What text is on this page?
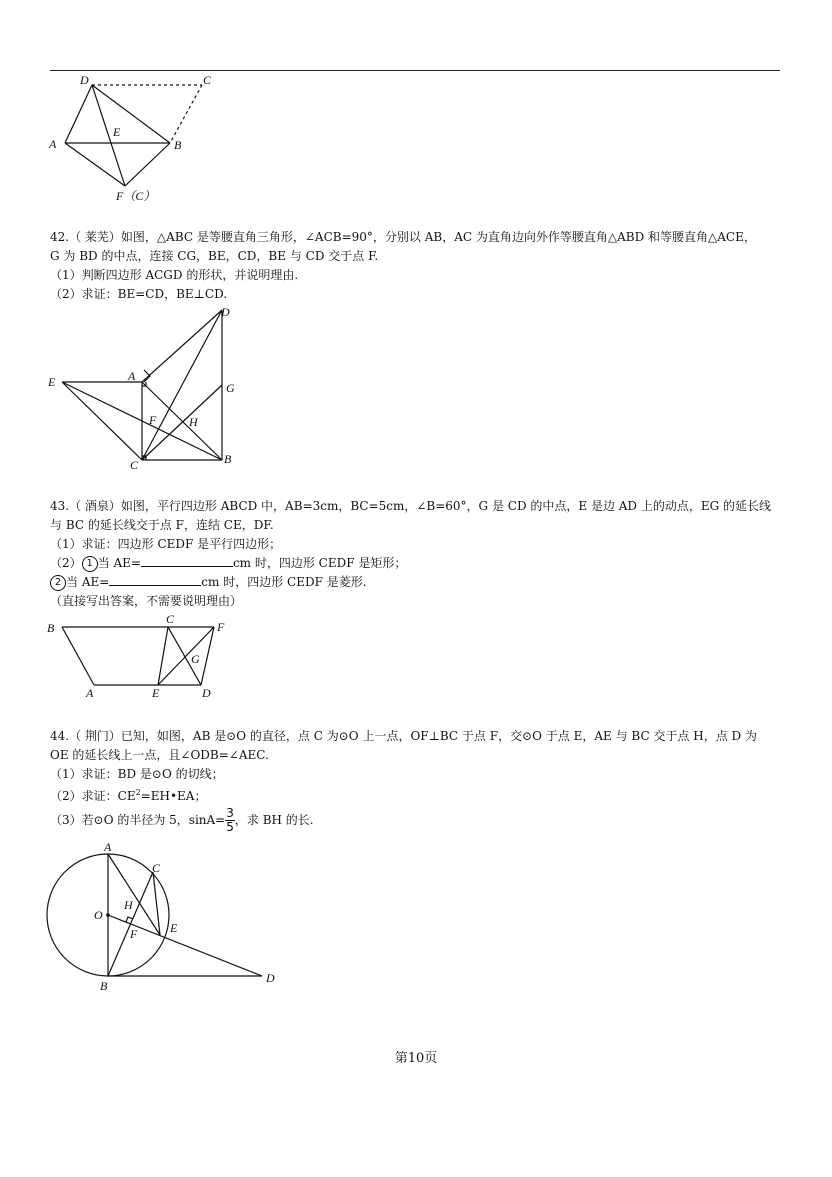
D	C
A
E
B
F（C）
42.（ 莱芜）如图，△ABC 是等腰直角三角形，∠ACB=90°，分别以 AB，AC 为直角边向外作等腰直角△ABD 和等腰直角△ACE，
G 为 BD 的中点，连接 CG，BE，CD，BE 与 CD 交于点 F.
（1）判断四边形 ACGD 的形状，并说明理由.
（2）求证：BE=CD，BE⊥CD.
D
E	A
G
F	H
C	B
43.（ 酒泉）如图，平行四边形 ABCD 中，AB=3cm，BC=5cm，∠B=60°，G 是 CD 的中点，E 是边 AD 上的动点，EG 的延长线
与 BC 的延长线交于点 F，连结 CE，DF.
（1）求证：四边形 CEDF 是平行四边形；
（2） 1 当 AE=	cm 时，四边形 CEDF 是矩形；
2 当 AE=	cm 时，四边形 CEDF 是菱形.
（直接写出答案，不需要说明理由）
B
C
F
G
A	E	D
44.（ 荆门）已知，如图，AB 是⊙O 的直径，点 C 为⊙O 上一点，OF⊥BC 于点 F，交⊙O 于点 E，AE 与 BC 交于点 H，点 D 为
OE 的延长线上一点，且∠ODB=∠AEC.
（1）求证：BD 是⊙O 的切线；
（2）求证：$CE^2=EH•EA$；
（3）若⊙O 的半径为 5，$\sin A= \frac{3}{5}$ ，求 BH 的长.
A
C
O
H
F	E
B
D
第10页
